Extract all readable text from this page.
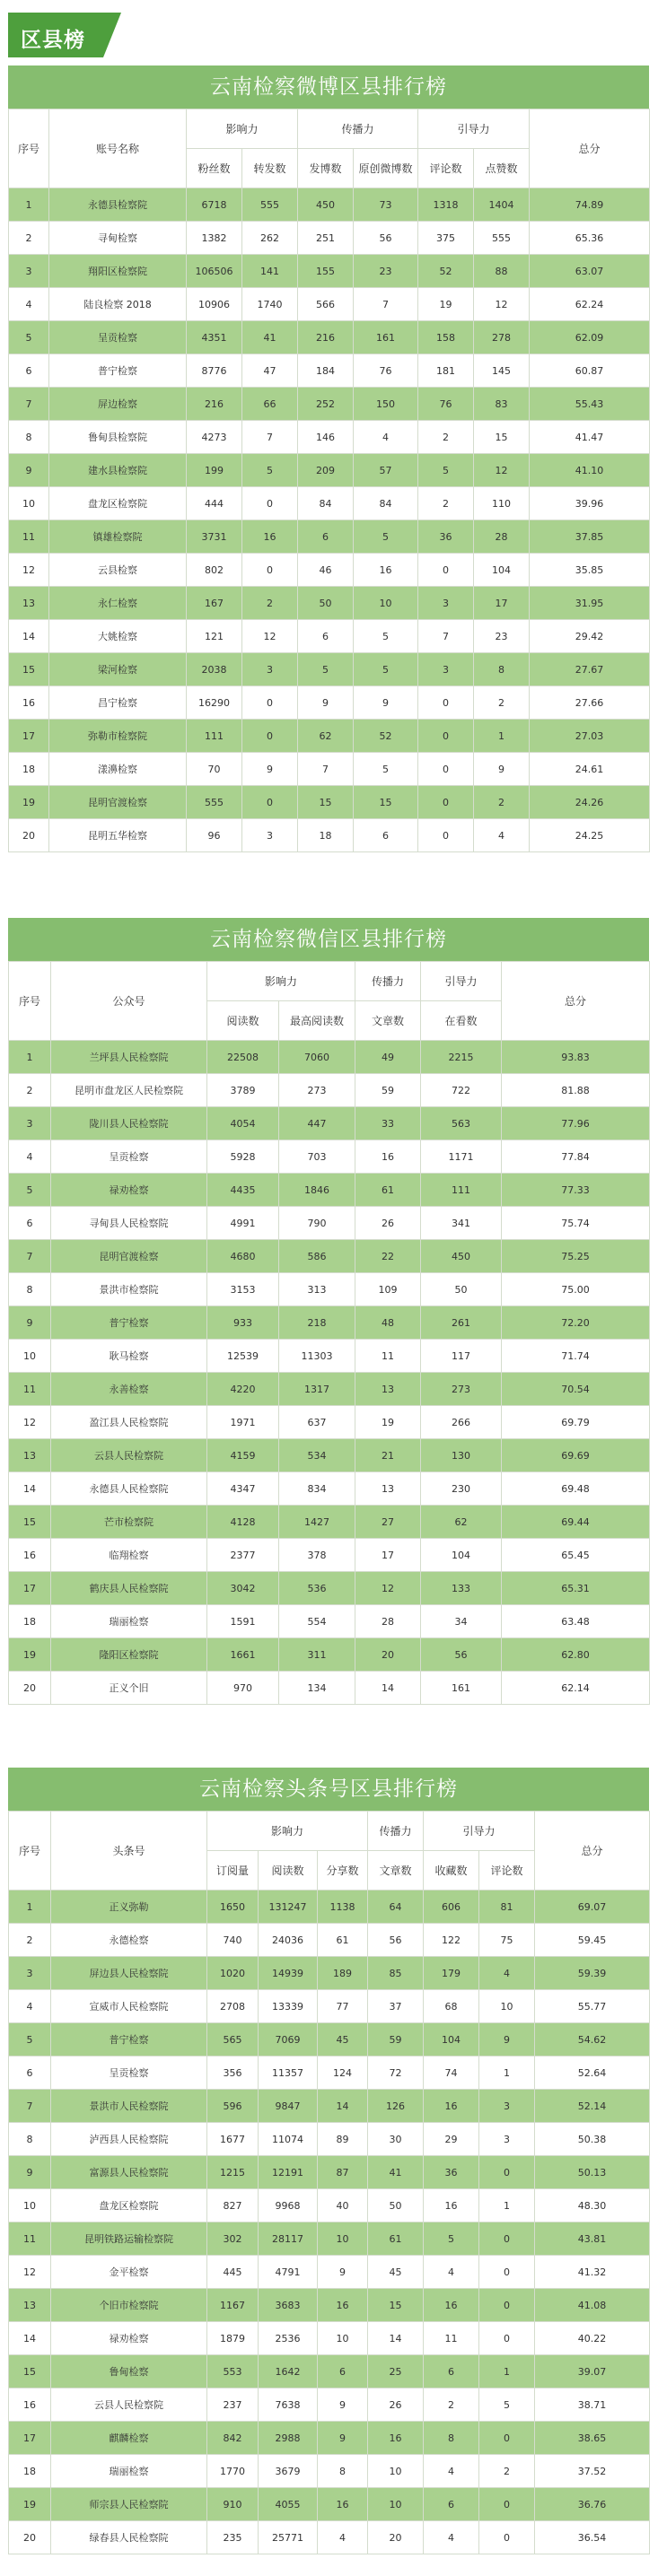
区县榜
云南检察微博区县排行榜
序号	账号名称	影响力		传播力		引导力		总分
		粉丝数	转发数	发博数	原创微博数	评论数	点赞数	
1	永德县检察院	6718	555	450	73	1318	1404	74.89
2	寻甸检察	1382	262	251	56	375	555	65.36
3	翔阳区检察院	106506	141	155	23	52	88	63.07
4	陆良检察 2018	10906	1740	566	7	19	12	62.24
5	呈贡检察	4351	41	216	161	158	278	62.09
6	普宁检察	8776	47	184	76	181	145	60.87
7	屏边检察	216	66	252	150	76	83	55.43
8	鲁甸县检察院	4273	7	146	4	2	15	41.47
9	建水县检察院	199	5	209	57	5	12	41.10
10	盘龙区检察院	444	0	84	84	2	110	39.96
11	镇雄检察院	3731	16	6	5	36	28	37.85
12	云县检察	802	0	46	16	0	104	35.85
13	永仁检察	167	2	50	10	3	17	31.95
14	大姚检察	121	12	6	5	7	23	29.42
15	梁河检察	2038	3	5	5	3	8	27.67
16	昌宁检察	16290	0	9	9	0	2	27.66
17	弥勒市检察院	111	0	62	52	0	1	27.03
18	漾濞检察	70	9	7	5	0	9	24.61
19	昆明官渡检察	555	0	15	15	0	2	24.26
20	昆明五华检察	96	3	18	6	0	4	24.25
云南检察微信区县排行榜
序号	公众号	影响力		传播力	引导力	总分
		阅读数	最高阅读数	文章数	在看数	
1	兰坪县人民检察院	22508	7060	49	2215	93.83
2	昆明市盘龙区人民检察院	3789	273	59	722	81.88
3	陇川县人民检察院	4054	447	33	563	77.96
4	呈贡检察	5928	703	16	1171	77.84
5	禄劝检察	4435	1846	61	111	77.33
6	寻甸县人民检察院	4991	790	26	341	75.74
7	昆明官渡检察	4680	586	22	450	75.25
8	景洪市检察院	3153	313	109	50	75.00
9	普宁检察	933	218	48	261	72.20
10	耿马检察	12539	11303	11	117	71.74
11	永善检察	4220	1317	13	273	70.54
12	盈江县人民检察院	1971	637	19	266	69.79
13	云县人民检察院	4159	534	21	130	69.69
14	永德县人民检察院	4347	834	13	230	69.48
15	芒市检察院	4128	1427	27	62	69.44
16	临翔检察	2377	378	17	104	65.45
17	鹤庆县人民检察院	3042	536	12	133	65.31
18	瑞丽检察	1591	554	28	34	63.48
19	隆阳区检察院	1661	311	20	56	62.80
20	正义个旧	970	134	14	161	62.14
云南检察头条号区县排行榜
序号	头条号	影响力			传播力	引导力		总分
		订阅量	阅读数	分享数	文章数	收藏数	评论数	
1	正义弥勒	1650	131247	1138	64	606	81	69.07
2	永德检察	740	24036	61	56	122	75	59.45
3	屏边县人民检察院	1020	14939	189	85	179	4	59.39
4	宣威市人民检察院	2708	13339	77	37	68	10	55.77
5	普宁检察	565	7069	45	59	104	9	54.62
6	呈贡检察	356	11357	124	72	74	1	52.64
7	景洪市人民检察院	596	9847	14	126	16	3	52.14
8	泸西县人民检察院	1677	11074	89	30	29	3	50.38
9	富源县人民检察院	1215	12191	87	41	36	0	50.13
10	盘龙区检察院	827	9968	40	50	16	1	48.30
11	昆明铁路运输检察院	302	28117	10	61	5	0	43.81
12	金平检察	445	4791	9	45	4	0	41.32
13	个旧市检察院	1167	3683	16	15	16	0	41.08
14	禄劝检察	1879	2536	10	14	11	0	40.22
15	鲁甸检察	553	1642	6	25	6	1	39.07
16	云县人民检察院	237	7638	9	26	2	5	38.71
17	麒麟检察	842	2988	9	16	8	0	38.65
18	瑞丽检察	1770	3679	8	10	4	2	37.52
19	师宗县人民检察院	910	4055	16	10	6	0	36.76
20	绿春县人民检察院	235	25771	4	20	4	0	36.54
